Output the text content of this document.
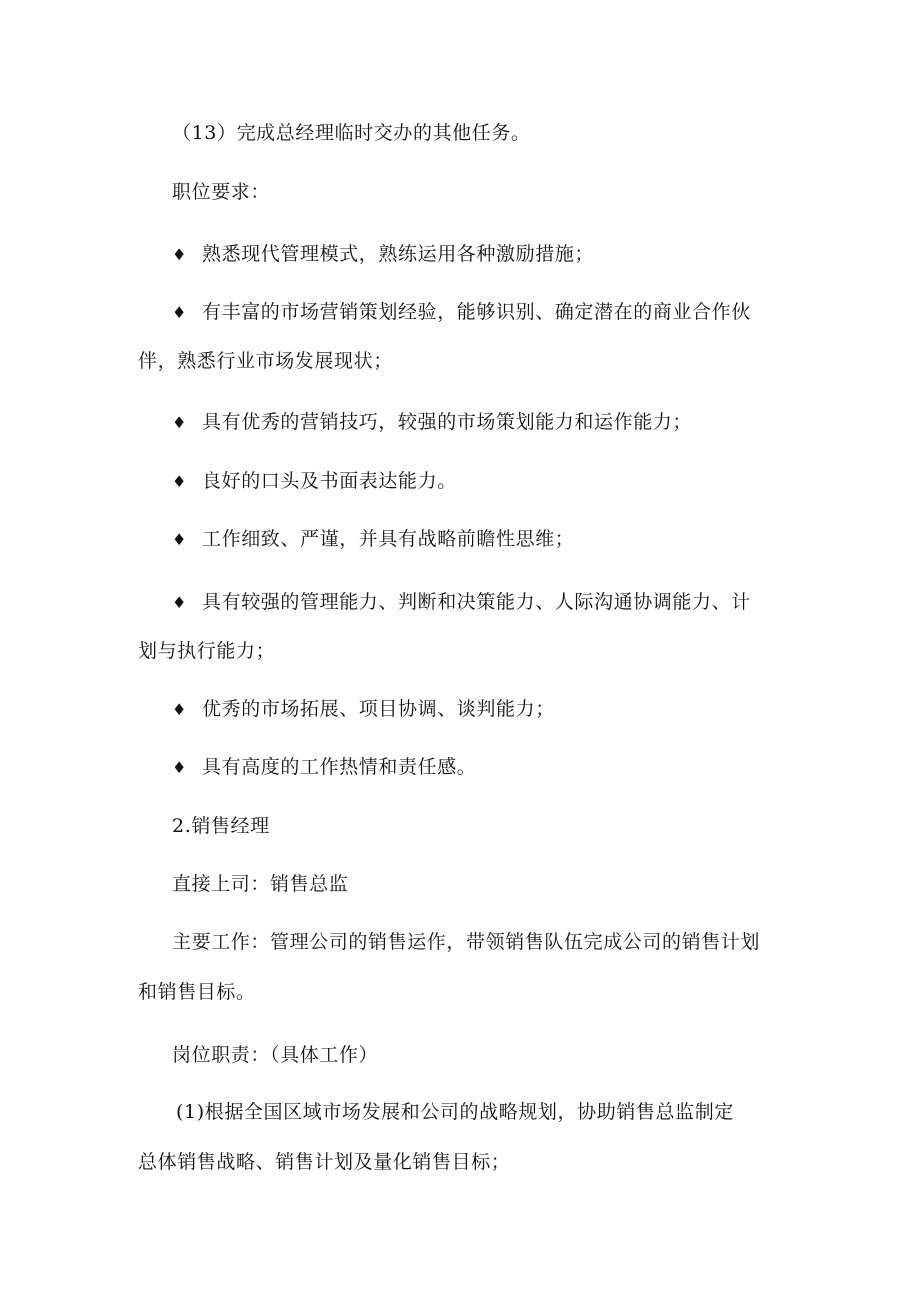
（13）完成总经理临时交办的其他任务。
职位要求：
♦ 熟悉现代管理模式，熟练运用各种激励措施；
♦ 有丰富的市场营销策划经验，能够识别、确定潜在的商业合作伙
伴，熟悉行业市场发展现状；
♦ 具有优秀的营销技巧，较强的市场策划能力和运作能力；
♦ 良好的口头及书面表达能力。
♦ 工作细致、严谨，并具有战略前瞻性思维；
♦ 具有较强的管理能力、判断和决策能力、人际沟通协调能力、计
划与执行能力；
♦ 优秀的市场拓展、项目协调、谈判能力；
♦ 具有高度的工作热情和责任感。
2.销售经理
直接上司：销售总监
主要工作：管理公司的销售运作，带领销售队伍完成公司的销售计划
和销售目标。
岗位职责：（具体工作）
(1)根据全国区域市场发展和公司的战略规划，协助销售总监制定
总体销售战略、销售计划及量化销售目标；
